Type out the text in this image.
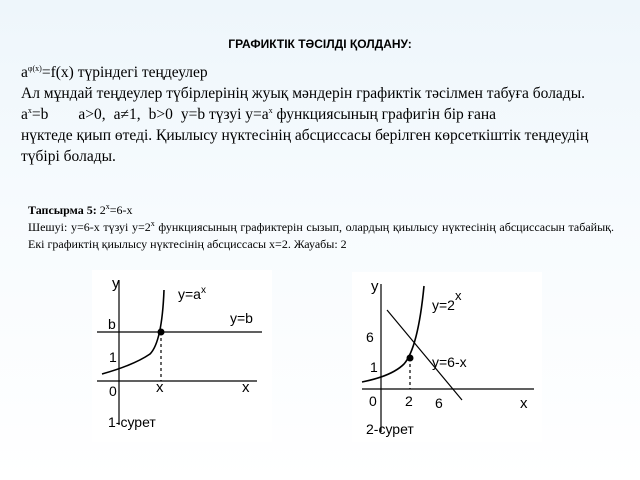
ГРАФИКТІК ТӘСІЛДІ ҚОЛДАНУ:

$a^{\varphi(x)}=f(x)$ түріндегі теңдеулер

Ал мұндай теңдеулер түбірлерінің жуық мәндерін графиктік тәсілмен табуға болады.

$a^x=b$ a>0, a≠1, b>0 y=b түзуі $y=a^x$ функциясының графигін бір ғана

нүктеде қиып өтеді. Қиылысу нүктесінің абсциссасы берілген көрсеткіштік теңдеудің түбірі болады.

Тапсырма 5: $2^x=6-x$

Шешуі: y=6-x түзуі $y=2^x$ функциясының графиктерін сызып, олардың қиылысу нүктесінің абсциссасын табайық. Екі графиктің қиылысу нүктесінің абсциссасы x=2. Жауабы: 2

y
x
$y=a^x$
y=b
b
1
0	x
1-сурет
y
x
y=2x
y=6-x
6
1
0 2 6
2-сурет
